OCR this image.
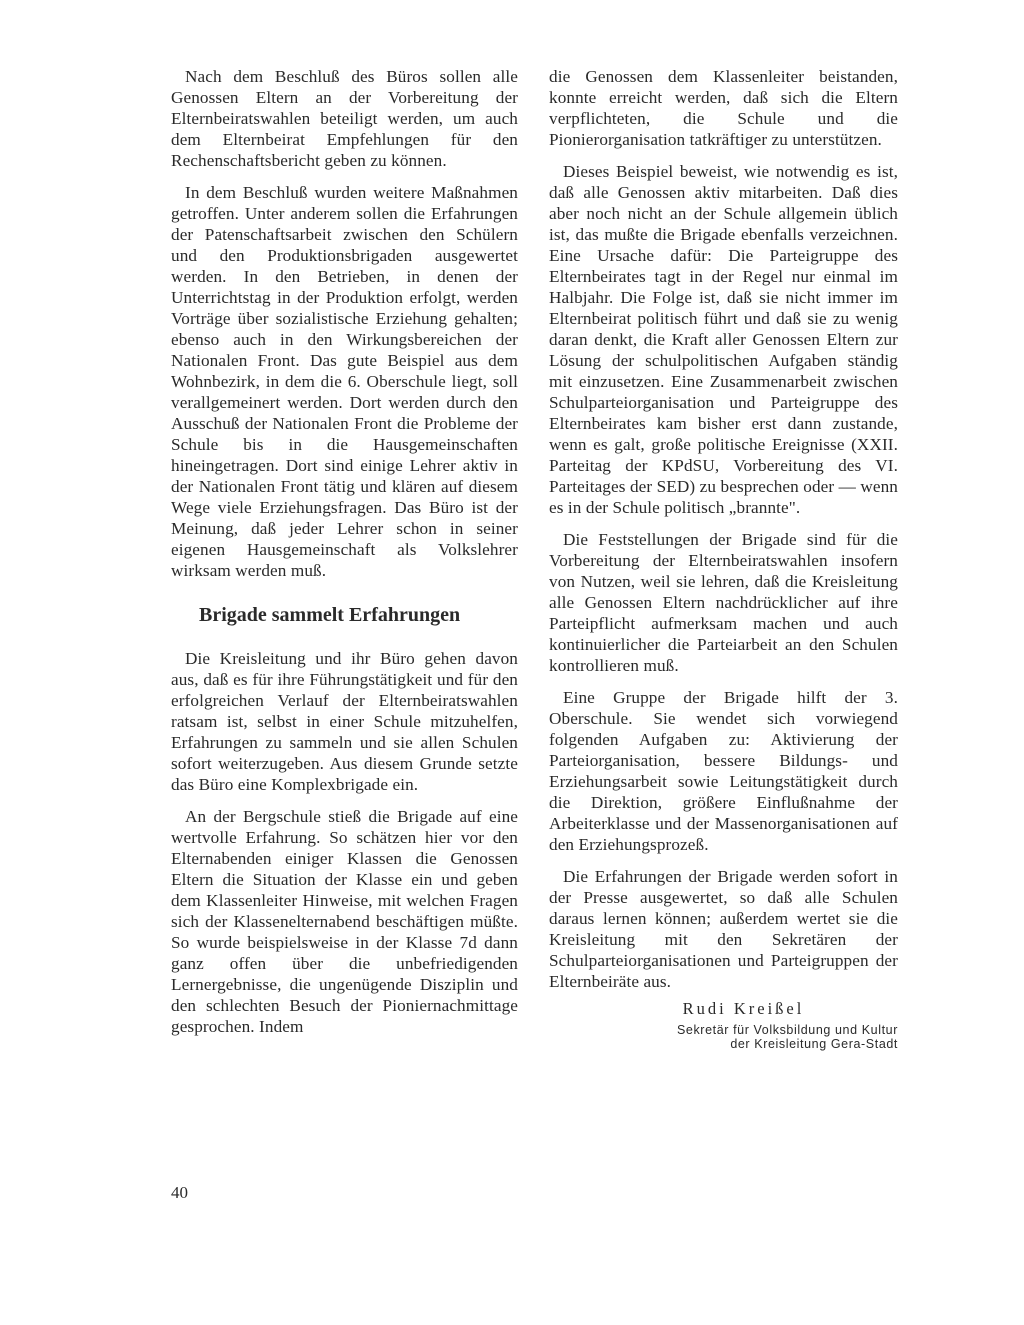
Nach dem Beschluß des Büros sollen alle Genossen Eltern an der Vorbereitung der Elternbeiratswahlen beteiligt werden, um auch dem Elternbeirat Empfehlungen für den Rechenschaftsbericht geben zu können.

In dem Beschluß wurden weitere Maßnahmen getroffen. Unter anderem sollen die Erfahrungen der Patenschaftsarbeit zwischen den Schülern und den Produktionsbrigaden ausgewertet werden. In den Betrieben, in denen der Unterrichtstag in der Produktion erfolgt, werden Vorträge über sozialistische Erziehung gehalten; ebenso auch in den Wirkungsbereichen der Nationalen Front. Das gute Beispiel aus dem Wohnbezirk, in dem die 6. Oberschule liegt, soll verallgemeinert werden. Dort werden durch den Ausschuß der Nationalen Front die Probleme der Schule bis in die Hausgemeinschaften hineingetragen. Dort sind einige Lehrer aktiv in der Nationalen Front tätig und klären auf diesem Wege viele Erziehungsfragen. Das Büro ist der Meinung, daß jeder Lehrer schon in seiner eigenen Hausgemeinschaft als Volkslehrer wirksam werden muß.

Brigade sammelt Erfahrungen

Die Kreisleitung und ihr Büro gehen davon aus, daß es für ihre Führungstätigkeit und für den erfolgreichen Verlauf der Elternbeiratswahlen ratsam ist, selbst in einer Schule mitzuhelfen, Erfahrungen zu sammeln und sie allen Schulen sofort weiterzugeben. Aus diesem Grunde setzte das Büro eine Komplexbrigade ein.

An der Bergschule stieß die Brigade auf eine wertvolle Erfahrung. So schätzen hier vor den Elternabenden einiger Klassen die Genossen Eltern die Situation der Klasse ein und geben dem Klassenleiter Hinweise, mit welchen Fragen sich der Klassenelternabend beschäftigen müßte. So wurde beispielsweise in der Klasse 7d dann ganz offen über die unbefriedigenden Lernergebnisse, die ungenügende Disziplin und den schlechten Besuch der Pioniernachmittage gesprochen. Indem

die Genossen dem Klassenleiter beistanden, konnte erreicht werden, daß sich die Eltern verpflichteten, die Schule und die Pionierorganisation tatkräftiger zu unterstützen.

Dieses Beispiel beweist, wie notwendig es ist, daß alle Genossen aktiv mitarbeiten. Daß dies aber noch nicht an der Schule allgemein üblich ist, das mußte die Brigade ebenfalls verzeichnen. Eine Ursache dafür: Die Parteigruppe des Elternbeirates tagt in der Regel nur einmal im Halbjahr. Die Folge ist, daß sie nicht immer im Elternbeirat politisch führt und daß sie zu wenig daran denkt, die Kraft aller Genossen Eltern zur Lösung der schulpolitischen Aufgaben ständig mit einzusetzen. Eine Zusammenarbeit zwischen Schulparteiorganisation und Parteigruppe des Elternbeirates kam bisher erst dann zustande, wenn es galt, große politische Ereignisse (XXII. Parteitag der KPdSU, Vorbereitung des VI. Parteitages der SED) zu besprechen oder — wenn es in der Schule politisch „brannte".

Die Feststellungen der Brigade sind für die Vorbereitung der Elternbeiratswahlen insofern von Nutzen, weil sie lehren, daß die Kreisleitung alle Genossen Eltern nachdrücklicher auf ihre Parteipflicht aufmerksam machen und auch kontinuierlicher die Parteiarbeit an den Schulen kontrollieren muß.

Eine Gruppe der Brigade hilft der 3. Oberschule. Sie wendet sich vorwiegend folgenden Aufgaben zu: Aktivierung der Parteiorganisation, bessere Bildungs- und Erziehungsarbeit sowie Leitungstätigkeit durch die Direktion, größere Einflußnahme der Arbeiterklasse und der Massenorganisationen auf den Erziehungsprozeß.

Die Erfahrungen der Brigade werden sofort in der Presse ausgewertet, so daß alle Schulen daraus lernen können; außerdem wertet sie die Kreisleitung mit den Sekretären der Schulparteiorganisationen und Parteigruppen der Elternbeiräte aus.

Rudi Kreißel

Sekretär für Volksbildung und Kultur
der Kreisleitung Gera-Stadt

40
